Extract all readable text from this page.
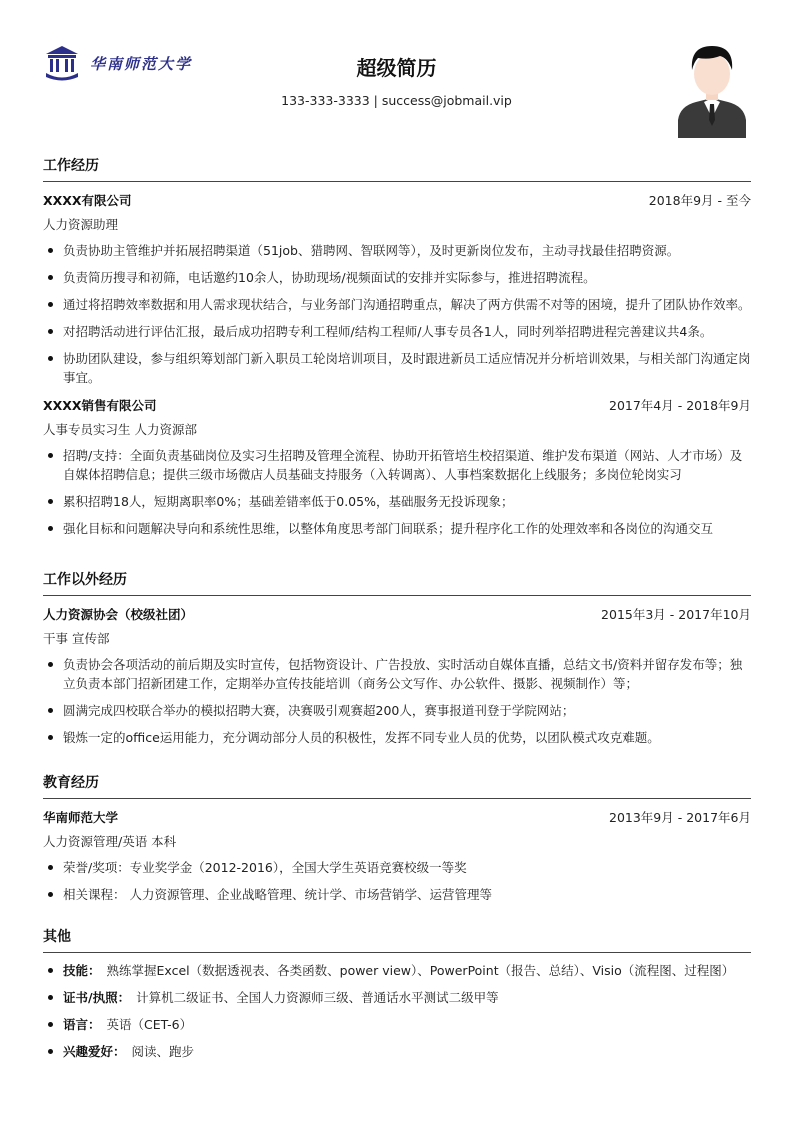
华南师范大学	超级简历
133-333-3333 | success@jobmail.vip
工作经历
XXXX有限公司	2018年9月 - 至今
人力资源助理
负责协助主管维护并拓展招聘渠道（51job、猎聘网、智联网等），及时更新岗位发布，主动寻找最佳招聘资源。
负责简历搜寻和初筛，电话邀约10余人，协助现场/视频面试的安排并实际参与，推进招聘流程。
通过将招聘效率数据和用人需求现状结合，与业务部门沟通招聘重点，解决了两方供需不对等的困境，提升了团队协作效率。
对招聘活动进行评估汇报，最后成功招聘专利工程师/结构工程师/人事专员各1人，同时列举招聘进程完善建议共4条。
协助团队建设，参与组织筹划部门新入职员工轮岗培训项目，及时跟进新员工适应情况并分析培训效果，与相关部门沟通定岗事宜。
XXXX销售有限公司	2017年4月 - 2018年9月
人事专员实习生 人力资源部
招聘/支持：全面负责基础岗位及实习生招聘及管理全流程、协助开拓管培生校招渠道、维护发布渠道（网站、人才市场）及自媒体招聘信息；提供三级市场微店人员基础支持服务（入转调离）、人事档案数据化上线服务；多岗位轮岗实习
累积招聘18人，短期离职率0%；基础差错率低于0.05%，基础服务无投诉现象；
强化目标和问题解决导向和系统性思维，以整体角度思考部门间联系；提升程序化工作的处理效率和各岗位的沟通交互
工作以外经历
人力资源协会（校级社团）	2015年3月 - 2017年10月
干事 宣传部
负责协会各项活动的前后期及实时宣传，包括物资设计、广告投放、实时活动自媒体直播，总结文书/资料并留存发布等；独立负责本部门招新团建工作，定期举办宣传技能培训（商务公文写作、办公软件、摄影、视频制作）等；
圆满完成四校联合举办的模拟招聘大赛，决赛吸引观赛超200人，赛事报道刊登于学院网站；
锻炼一定的office运用能力，充分调动部分人员的积极性，发挥不同专业人员的优势，以团队模式攻克难题。
教育经历
华南师范大学	2013年9月 - 2017年6月
人力资源管理/英语 本科
荣誉/奖项：专业奖学金（2012-2016），全国大学生英语竞赛校级一等奖
相关课程： 人力资源管理、企业战略管理、统计学、市场营销学、运营管理等
其他
技能： 熟练掌握Excel（数据透视表、各类函数、power view）、PowerPoint（报告、总结）、Visio（流程图、过程图）
证书/执照： 计算机二级证书、全国人力资源师三级、普通话水平测试二级甲等
语言： 英语（CET-6）
兴趣爱好： 阅读、跑步
